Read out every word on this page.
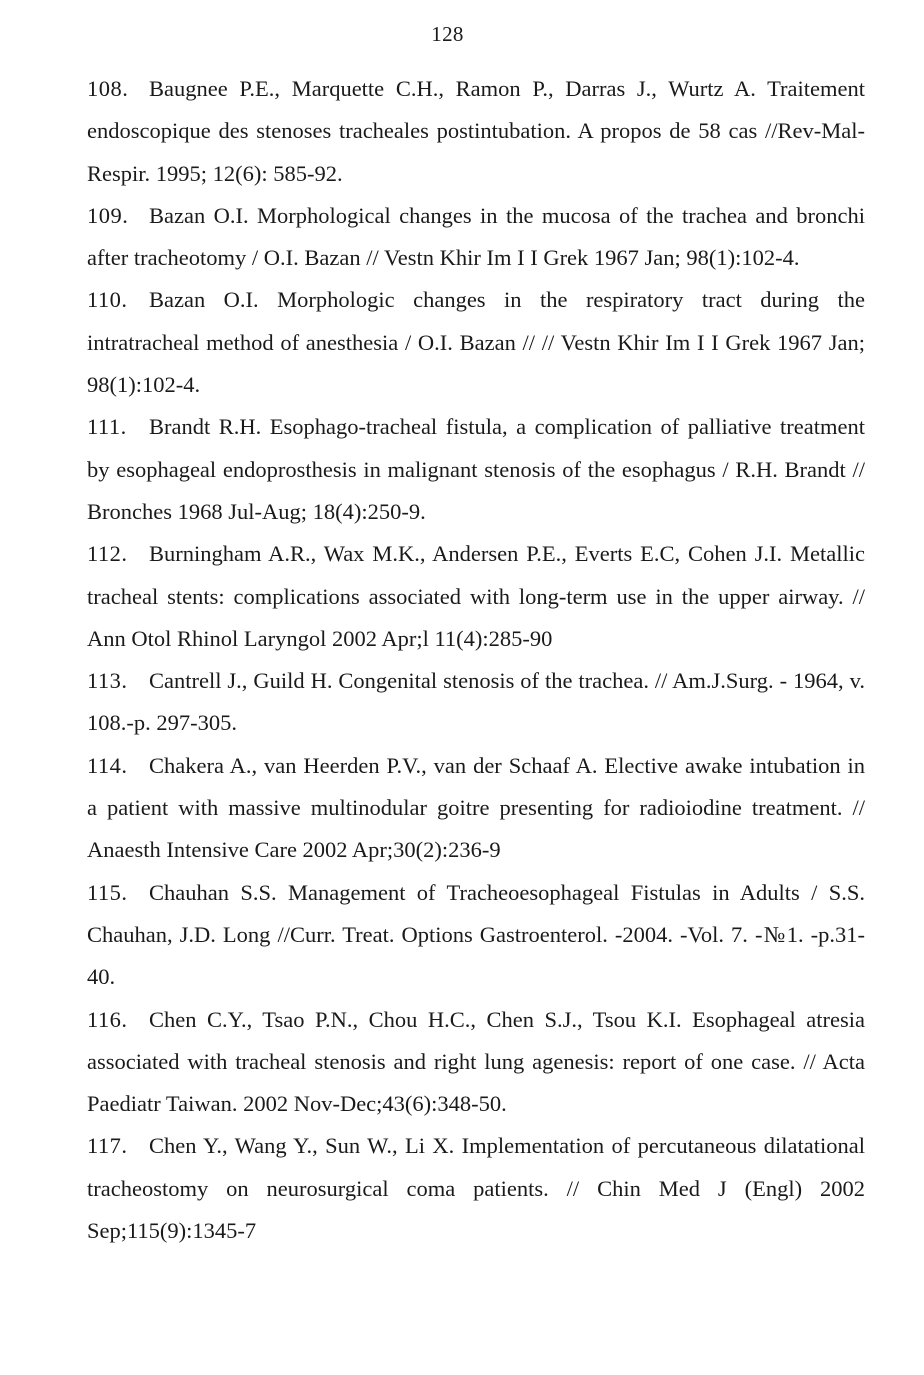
128
108. Baugnee P.E., Marquette C.H., Ramon P., Darras J., Wurtz A. Traitement endoscopique des stenoses tracheales postintubation. A propos de 58 cas //Rev-Mal-Respir. 1995; 12(6): 585-92.
109. Bazan O.I. Morphological changes in the mucosa of the trachea and bronchi after tracheotomy / O.I. Bazan // Vestn Khir Im I I Grek 1967 Jan; 98(1):102-4.
110. Bazan O.I. Morphologic changes in the respiratory tract during the intratracheal method of anesthesia / O.I. Bazan // // Vestn Khir Im I I Grek 1967 Jan; 98(1):102-4.
111. Brandt R.H. Esophago-tracheal fistula, a complication of palliative treatment by esophageal endoprosthesis in malignant stenosis of the esophagus / R.H. Brandt // Bronches 1968 Jul-Aug; 18(4):250-9.
112. Burningham A.R., Wax M.K., Andersen P.E., Everts E.C, Cohen J.I. Metallic tracheal stents: complications associated with long-term use in the upper airway. // Ann Otol Rhinol Laryngol 2002 Apr;l 11(4):285-90
113. Cantrell J., Guild H. Congenital stenosis of the trachea. // Am.J.Surg. - 1964, v. 108.-p. 297-305.
114. Chakera A., van Heerden P.V., van der Schaaf A. Elective awake intubation in a patient with massive multinodular goitre presenting for radioiodine treatment. // Anaesth Intensive Care 2002 Apr;30(2):236-9
115. Chauhan S.S. Management of Tracheoesophageal Fistulas in Adults / S.S. Chauhan, J.D. Long //Curr. Treat. Options Gastroenterol. -2004. -Vol. 7. -№1. -p.31-40.
116. Chen C.Y., Tsao P.N., Chou H.C., Chen S.J., Tsou K.I. Esophageal atresia associated with tracheal stenosis and right lung agenesis: report of one case. // Acta Paediatr Taiwan. 2002 Nov-Dec;43(6):348-50.
117. Chen Y., Wang Y., Sun W., Li X. Implementation of percutaneous dilatational tracheostomy on neurosurgical coma patients. // Chin Med J (Engl) 2002 Sep;115(9):1345-7
